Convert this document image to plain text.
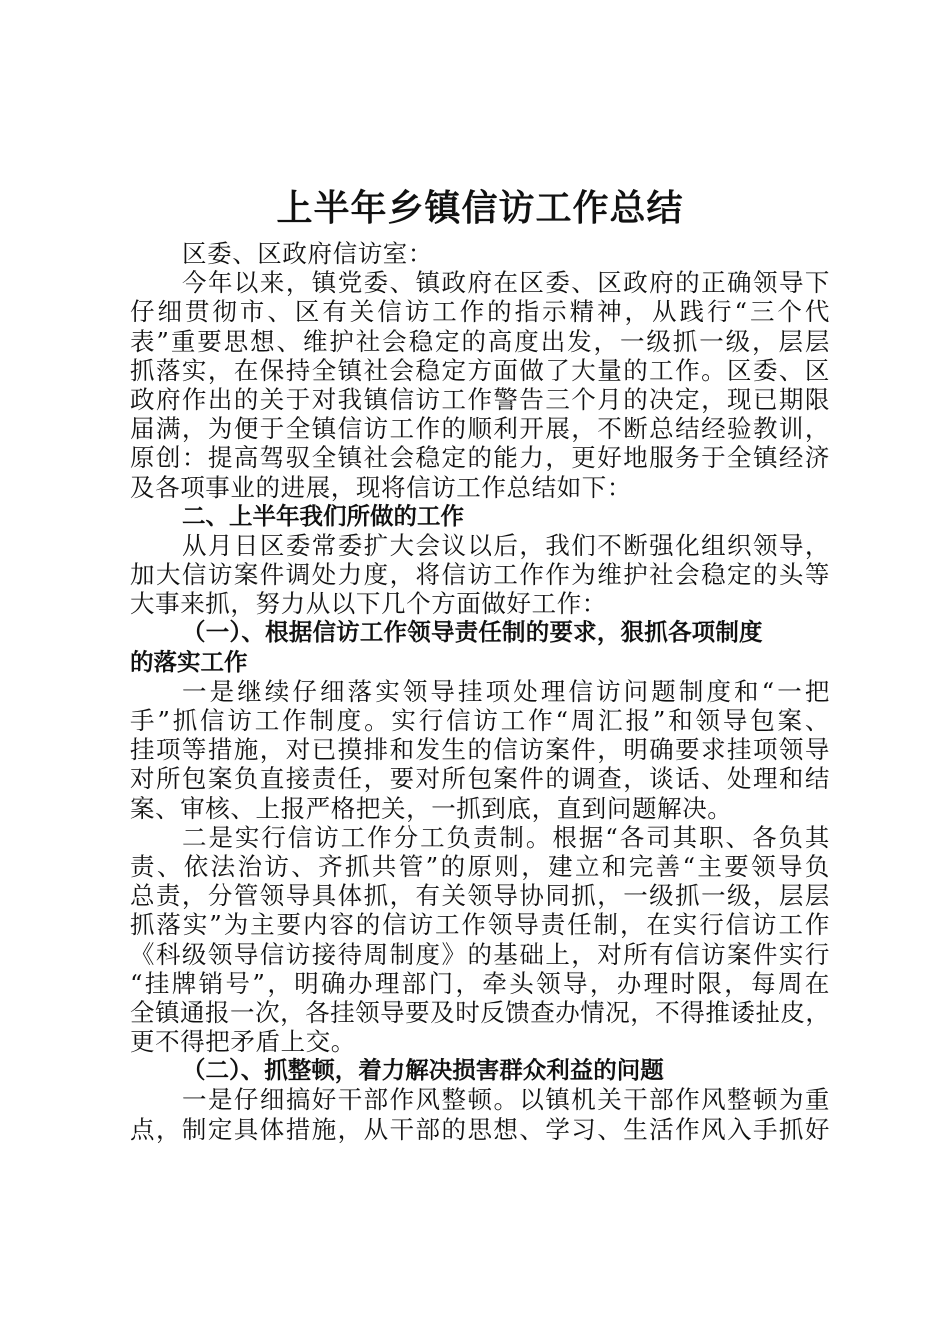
上半年乡镇信访工作总结
区委、区政府信访室：
今年以来，镇党委、镇政府在区委、区政府的正确领导下
仔细贯彻市、区有关信访工作的指示精神，从践行“三个代
表”重要思想、维护社会稳定的高度出发，一级抓一级，层层
抓落实，在保持全镇社会稳定方面做了大量的工作。区委、区
政府作出的关于对我镇信访工作警告三个月的决定，现已期限
届满，为便于全镇信访工作的顺利开展，不断总结经验教训，
原创：提高驾驭全镇社会稳定的能力，更好地服务于全镇经济
及各项事业的进展，现将信访工作总结如下：
二、上半年我们所做的工作
从月日区委常委扩大会议以后，我们不断强化组织领导，
加大信访案件调处力度，将信访工作作为维护社会稳定的头等
大事来抓，努力从以下几个方面做好工作：
（一）、根据信访工作领导责任制的要求，狠抓各项制度
的落实工作
一是继续仔细落实领导挂项处理信访问题制度和“一把
手”抓信访工作制度。实行信访工作“周汇报”和领导包案、
挂项等措施，对已摸排和发生的信访案件，明确要求挂项领导
对所包案负直接责任，要对所包案件的调查，谈话、处理和结
案、审核、上报严格把关，一抓到底，直到问题解决。
二是实行信访工作分工负责制。根据“各司其职、各负其
责、依法治访、齐抓共管”的原则，建立和完善“主要领导负
总责，分管领导具体抓，有关领导协同抓，一级抓一级，层层
抓落实”为主要内容的信访工作领导责任制，在实行信访工作
《科级领导信访接待周制度》的基础上，对所有信访案件实行
“挂牌销号”，明确办理部门，牵头领导，办理时限，每周在
全镇通报一次，各挂领导要及时反馈查办情况，不得推诿扯皮，
更不得把矛盾上交。
（二）、抓整顿，着力解决损害群众利益的问题
一是仔细搞好干部作风整顿。以镇机关干部作风整顿为重
点，制定具体措施，从干部的思想、学习、生活作风入手抓好
